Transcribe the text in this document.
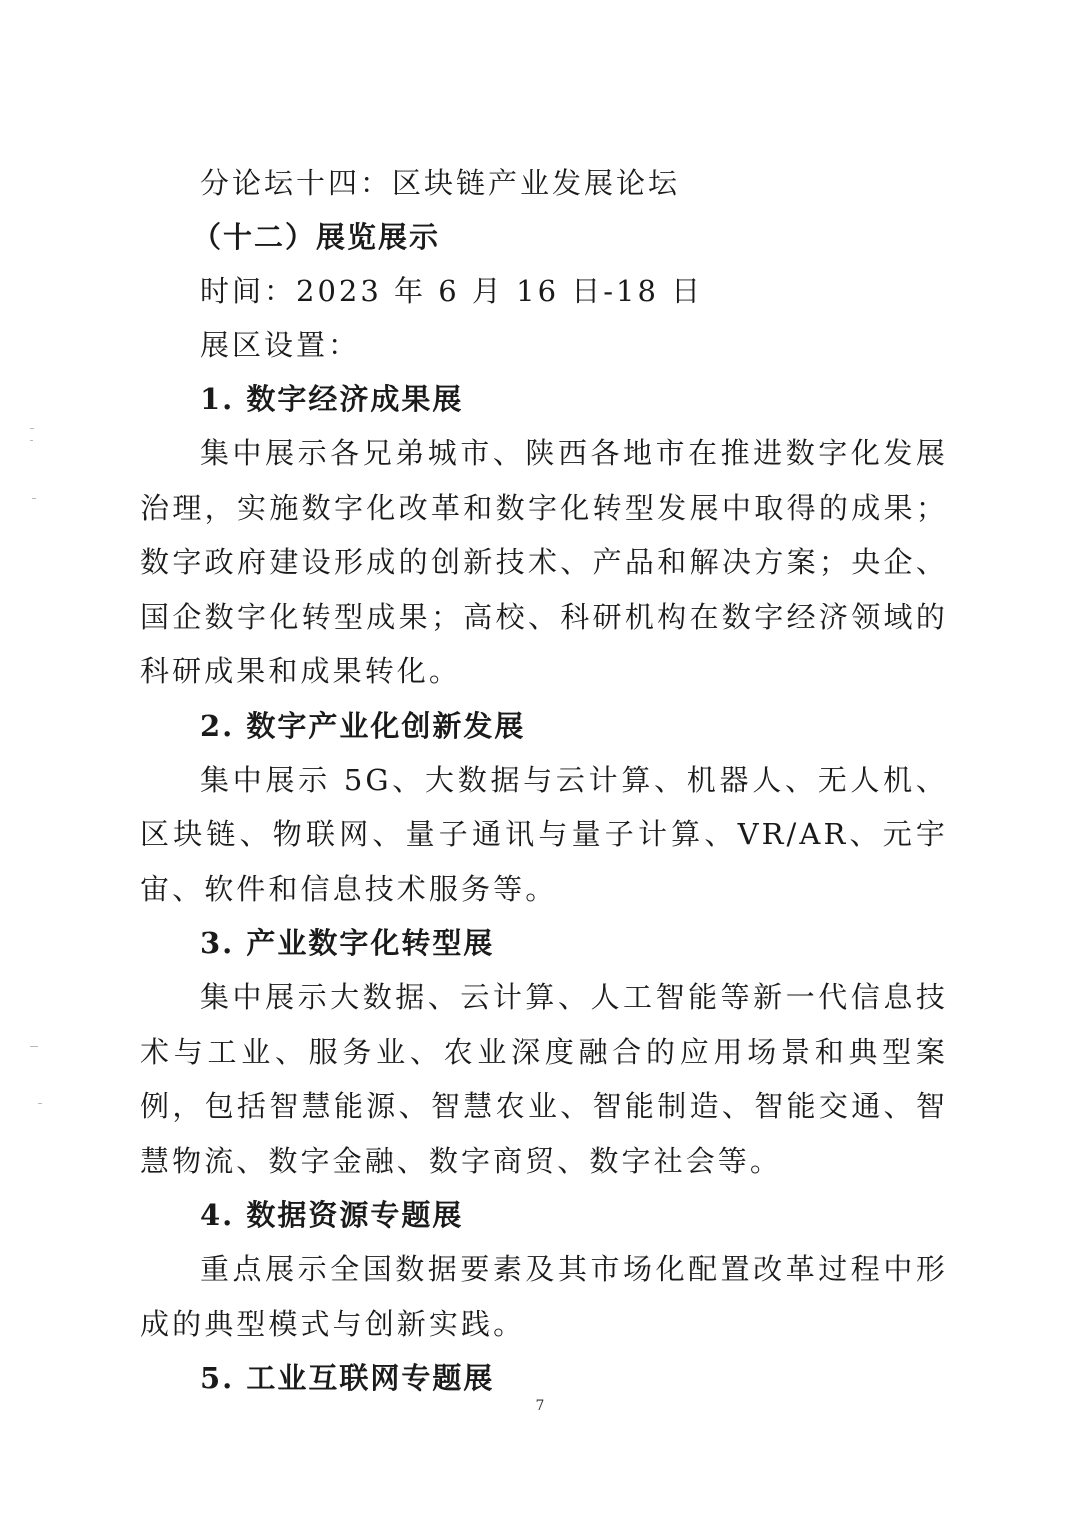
分论坛十四：区块链产业发展论坛
（十二）展览展示
时间：2023 年 6 月 16 日-18 日
展区设置：
1. 数字经济成果展

集中展示各兄弟城市、陕西各地市在推进数字化发展治理，实施数字化改革和数字化转型发展中取得的成果；数字政府建设形成的创新技术、产品和解决方案；央企、国企数字化转型成果；高校、科研机构在数字经济领域的科研成果和成果转化。

2. 数字产业化创新发展

集中展示 5G、大数据与云计算、机器人、无人机、区块链、物联网、量子通讯与量子计算、VR/AR、元宇宙、软件和信息技术服务等。

3. 产业数字化转型展

集中展示大数据、云计算、人工智能等新一代信息技术与工业、服务业、农业深度融合的应用场景和典型案例，包括智慧能源、智慧农业、智能制造、智能交通、智慧物流、数字金融、数字商贸、数字社会等。

4. 数据资源专题展

重点展示全国数据要素及其市场化配置改革过程中形成的典型模式与创新实践。

5. 工业互联网专题展
7
